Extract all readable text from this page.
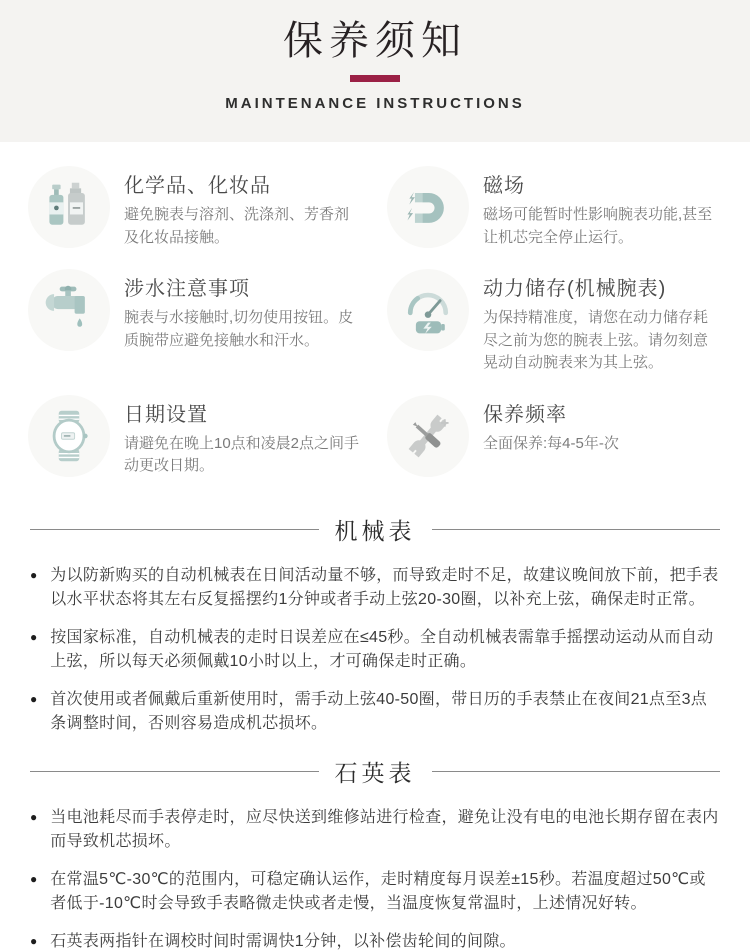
保养须知
MAINTENANCE INSTRUCTIONS
化学品、化妆品
避免腕表与溶剂、洗涤剂、芳香剂及化妆品接触。
磁场
磁场可能暂时性影响腕表功能,甚至让机芯完全停止运行。
涉水注意事项
腕表与水接触时,切勿使用按钮。皮质腕带应避免接触水和汗水。
动力储存(机械腕表)
为保持精准度，请您在动力储存耗尽之前为您的腕表上弦。请勿刻意晃动自动腕表来为其上弦。
日期设置
请避免在晚上10点和凌晨2点之间手动更改日期。
保养频率
全面保养:每4-5年-次
机械表
● 为以防新购买的自动机械表在日间活动量不够，而导致走时不足，故建议晚间放下前，把手表以水平状态将其左右反复摇摆约1分钟或者手动上弦20-30圈，以补充上弦，确保走时正常。
● 按国家标准，自动机械表的走时日误差应在≤45秒。全自动机械表需靠手摇摆动运动从而自动上弦，所以每天必须佩戴10小时以上，才可确保走时正确。
● 首次使用或者佩戴后重新使用时，需手动上弦40-50圈，带日历的手表禁止在夜间21点至3点条调整时间，否则容易造成机芯损坏。
石英表
● 当电池耗尽而手表停走时，应尽快送到维修站进行检查，避免让没有电的电池长期存留在表内而导致机芯损坏。
● 在常温5℃-30℃的范围内，可稳定确认运作，走时精度每月误差±15秒。若温度超过50℃或者低于-10℃时会导致手表略微走快或者走慢，当温度恢复常温时，上述情况好转。
● 石英表两指针在调校时间时需调快1分钟，以补偿齿轮间的间隙。
